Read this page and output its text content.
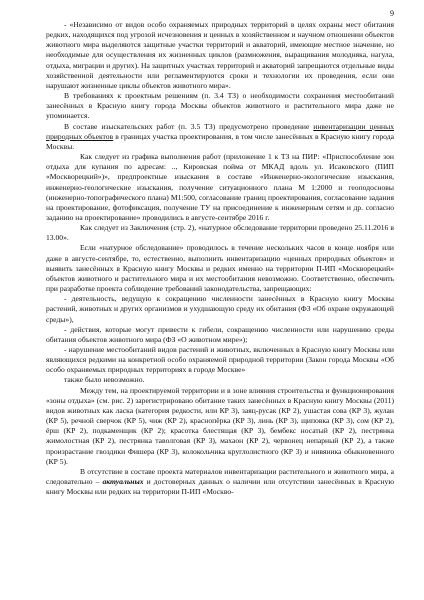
9

- «Независимо от видов особо охраняемых природных территорий в целях охраны мест обитания редких, находящихся под угрозой исчезновения и ценных в хозяйственном и научном отношении объектов животного мира выделяются защитные участки территорий и акваторий, имеющие местное значение, но необходимые для осуществления их жизненных циклов (размножения, выращивания молодняка, нагула, отдыха, миграции и других). На защитных участках территорий и акваторий запрещаются отдельные виды хозяйственной деятельности или регламентируются сроки и технологии их проведения, если они нарушают жизненные циклы объектов животного мира».

В требованиях к проектным решениям (п. 3.4 ТЗ) о необходимости сохранения местообитаний занесённых в Красную книгу города Москвы объектов животного и растительного мира даже не упоминается.

В составе изыскательских работ (п. 3.5 ТЗ) предусмотрено проведение инвентаризации ценных природных объектов в границах участка проектирования, в том числе занесённых в Красную книгу города Москвы.

Как следует из графика выполнения работ (приложение 1 к ТЗ на ПИР: «Приспособление зон отдыха для купания по адресам: .., Кировская пойма от МКАД вдоль ул. Исаковского (ПИП «Москворецкий»)», предпроектные изыскания в составе «Инженерно-экологические изыскания, инженерно-геологические изыскания, получение ситуационного плана М 1:2000 и геоподосновы (инженерно-топографического плана) М1:500, согласование границ проектирования, согласование задания на проектирование, фотофиксация, получение ТУ на присоединение к инженерным сетям и др. согласно заданию на проектирование» проводились в августе-сентябре 2016 г.

Как следует из Заключения (стр. 2), «натурное обследование территории проведено 25.11.2016 в 13.00».

Если «натурное обследование» проводилось в течение нескольких часов в конце ноября или даже в августе-сентябре, то, естественно, выполнить инвентаризацию «ценных природных объектов» и выявить занесённых в Красную книгу Москвы и редких именно на территории П-ИП «Москворецкий» объектов животного и растительного мира и их местообитания невозможно. Соответственно, обеспечить при разработке проекта соблюдение требований законодательства, запрещающих:

- деятельность, ведущую к сокращению численности занесённых в Красную книгу Москвы растений, животных и других организмов и ухудшающую среду их обитания (ФЗ «Об охране окружающей среды»),

- действия, которые могут привести к гибели, сокращению численности или нарушению среды обитания объектов животного мира (ФЗ «О животном мире»);

- нарушение местообитаний видов растений и животных, включенных в Красную книгу Москвы или являющихся редкими на конкретной особо охраняемой природной территории (Закон города Москвы «Об особо охраняемых природных территориях в городе Москве»

также было невозможно.

Между тем, на проектируемой территории и в зоне влияния строительства и функционирования «зоны отдыха» (см. рис. 2) зарегистрировано обитание таких занесённых в Красную книгу Москвы (2011) видов животных как ласка (категория редкости, или КР 3), заяц-русак (КР 2), ушастая сова (КР 3), жулан (КР 5), речной сверчок (КР 5), чиж (КР 2), краснопёрка (КР 3), линь (КР 3), щиповка (КР 3), сом (КР 2), ёрш (КР 2), подкаменщик (КР 2); красотка блестящая (КР 3), бембекс носатый (КР 2), пестрянка жимолостная (КР 2), пестрянка таволговая (КР 3), махаон (КР 2), червонец непарный (КР 2), а также произрастание гвоздики Фишера (КР 3), колокольчика круглолистного (КР 3) и нивяника обыкновенного (КР 5).

В отсутствие в составе проекта материалов инвентаризации растительного и животного мира, а следовательно – актуальных и достоверных данных о наличии или отсутствии занесённых в Красную книгу Москвы или редких на территории П-ИП «Москво-
